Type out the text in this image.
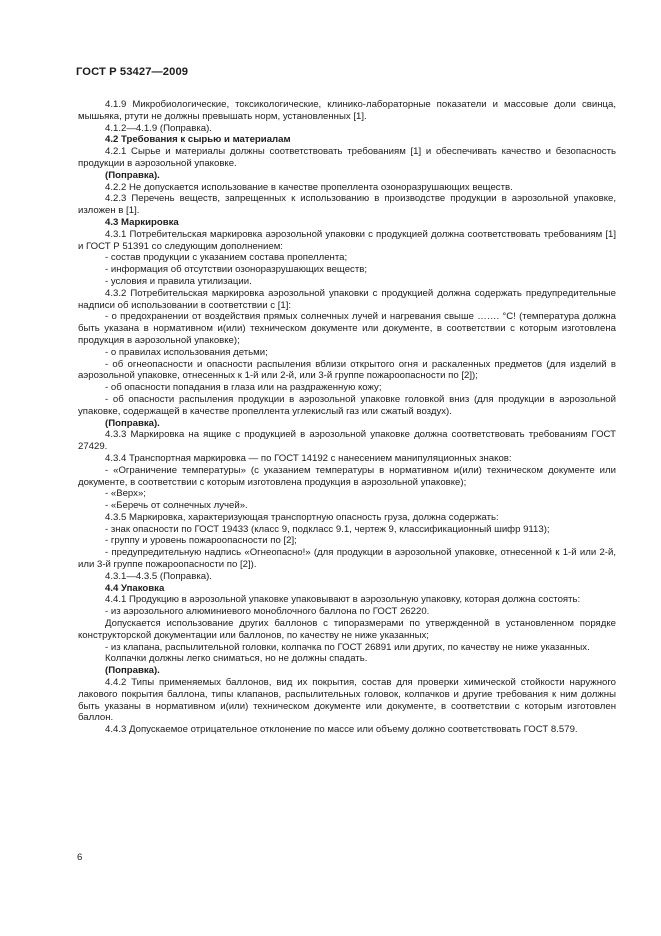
ГОСТ Р 53427—2009

4.1.9 Микробиологические, токсикологические, клинико-лабораторные показатели и массовые доли свинца, мышьяка, ртути не должны превышать норм, установленных [1].

4.1.2—4.1.9 (Поправка).

4.2 Требования к сырью и материалам

4.2.1 Сырье и материалы должны соответствовать требованиям [1] и обеспечивать качество и безопасность продукции в аэрозольной упаковке.

(Поправка).

4.2.2 Не допускается использование в качестве пропеллента озоноразрушающих веществ.

4.2.3 Перечень веществ, запрещенных к использованию в производстве продукции в аэрозольной упаковке, изложен в [1].

4.3 Маркировка

4.3.1 Потребительская маркировка аэрозольной упаковки с продукцией должна соответствовать требованиям [1] и ГОСТ Р 51391 со следующим дополнением:

- состав продукции с указанием состава пропеллента;

- информация об отсутствии озоноразрушающих веществ;

- условия и правила утилизации.

4.3.2 Потребительская маркировка аэрозольной упаковки с продукцией должна содержать предупредительные надписи об использовании в соответствии с [1]:

- о предохранении от воздействия прямых солнечных лучей и нагревания свыше ……. °С! (температура должна быть указана в нормативном и(или) техническом документе или документе, в соответствии с которым изготовлена продукция в аэрозольной упаковке);

- о правилах использования детьми;

- об огнеопасности и опасности распыления вблизи открытого огня и раскаленных предметов (для изделий в аэрозольной упаковке, отнесенных к 1-й или 2-й, или 3-й группе пожароопасности по [2]);

- об опасности попадания в глаза или на раздраженную кожу;

- об опасности распыления продукции в аэрозольной упаковке головкой вниз (для продукции в аэрозольной упаковке, содержащей в качестве пропеллента углекислый газ или сжатый воздух).

(Поправка).

4.3.3 Маркировка на ящике с продукцией в аэрозольной упаковке должна соответствовать требованиям ГОСТ 27429.

4.3.4 Транспортная маркировка — по ГОСТ 14192 с нанесением манипуляционных знаков:

- «Ограничение температуры» (с указанием температуры в нормативном и(или) техническом документе или документе, в соответствии с которым изготовлена продукция в аэрозольной упаковке);

- «Верх»;

- «Беречь от солнечных лучей».

4.3.5 Маркировка, характеризующая транспортную опасность груза, должна содержать:

- знак опасности по ГОСТ 19433 (класс 9, подкласс 9.1, чертеж 9, классификационный шифр 9113);

- группу и уровень пожароопасности по [2];

- предупредительную надпись «Огнеопасно!» (для продукции в аэрозольной упаковке, отнесенной к 1-й или 2-й, или 3-й группе пожароопасности по [2]).

4.3.1—4.3.5 (Поправка).

4.4 Упаковка

4.4.1 Продукцию в аэрозольной упаковке упаковывают в аэрозольную упаковку, которая должна состоять:

- из аэрозольного алюминиевого моноблочного баллона по ГОСТ 26220.

Допускается использование других баллонов с типоразмерами по утвержденной в установленном порядке конструкторской документации или баллонов, по качеству не ниже указанных;

- из клапана, распылительной головки, колпачка по ГОСТ 26891 или других, по качеству не ниже указанных.

Колпачки должны легко сниматься, но не должны спадать.

(Поправка).

4.4.2 Типы применяемых баллонов, вид их покрытия, состав для проверки химической стойкости наружного лакового покрытия баллона, типы клапанов, распылительных головок, колпачков и другие требования к ним должны быть указаны в нормативном и(или) техническом документе или документе, в соответствии с которым изготовлен баллон.

4.4.3 Допускаемое отрицательное отклонение по массе или объему должно соответствовать ГОСТ 8.579.

6
